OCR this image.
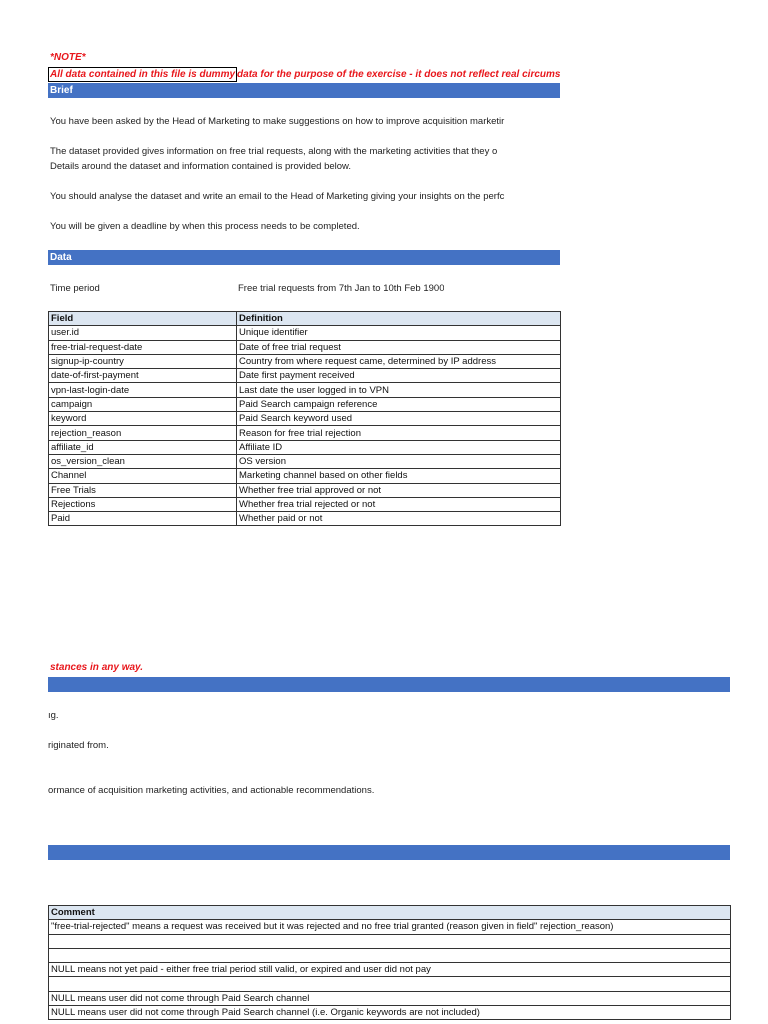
*NOTE*
All data contained in this file is dummy data for the purpose of the exercise - it does not reflect real circums
Brief
You have been asked by the Head of Marketing to make suggestions on how to improve acquisition marketir
The dataset provided gives information on free trial requests, along with the marketing activities that they o
Details around the dataset and information contained is provided below.
You should analyse the dataset and write an email to the Head of Marketing giving your insights on the perfc
You will be given a deadline by when this process needs to be completed.
Data
Time period	Free trial requests from 7th Jan to 10th Feb 1900
Field	Definition
user.id	Unique identifier
free-trial-request-date	Date of free trial request
signup-ip-country	Country from where request came, determined by IP address
date-of-first-payment	Date first payment received
vpn-last-login-date	Last date the user logged in to VPN
campaign	Paid Search campaign reference
keyword	Paid Search keyword used
rejection_reason	Reason for free trial rejection
affiliate_id	Affiliate ID
os_version_clean	OS version
Channel	Marketing channel based on other fields
Free Trials	Whether free trial approved or not
Rejections	Whether frea trial rejected or not
Paid	Whether paid or not
stances in any way.
ıg.
riginated from.
ormance of acquisition marketing activities, and actionable recommendations.
Comment
"free-trial-rejected" means a request was received but it was rejected and no free trial granted (reason given in field" rejection_reason)

NULL means not yet paid - either free trial period still valid, or expired and user did not pay

NULL means user did not come through Paid Search channel
NULL means user did not come through Paid Search channel (i.e. Organic keywords are not included)
